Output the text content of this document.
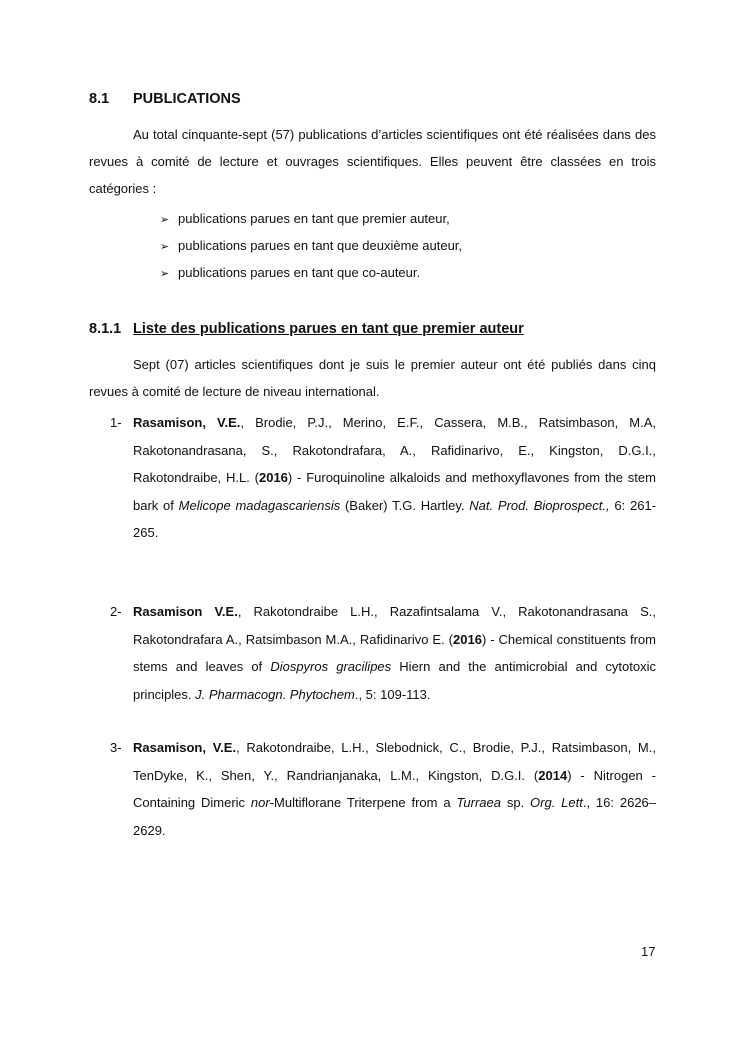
8.1 PUBLICATIONS
Au total cinquante-sept (57) publications d’articles scientifiques ont été réalisées dans des revues à comité de lecture et ouvrages scientifiques. Elles peuvent être classées en trois catégories :
➢ publications parues en tant que premier auteur,
➢ publications parues en tant que deuxième auteur,
➢ publications parues en tant que co-auteur.
8.1.1 Liste des publications parues en tant que premier auteur
Sept (07) articles scientifiques dont je suis le premier auteur ont été publiés dans cinq revues à comité de lecture de niveau international.
1- Rasamison, V.E., Brodie, P.J., Merino, E.F., Cassera, M.B., Ratsimbason, M.A, Rakotonandrasana, S., Rakotondrafara, A., Rafidinarivo, E., Kingston, D.G.I., Rakotondraibe, H.L. (2016) - Furoquinoline alkaloids and methoxyflavones from the stem bark of Melicope madagascariensis (Baker) T.G. Hartley. Nat. Prod. Bioprospect., 6: 261-265.
2- Rasamison V.E., Rakotondraibe L.H., Razafintsalama V., Rakotonandrasana S., Rakotondrafara A., Ratsimbason M.A., Rafidinarivo E. (2016) - Chemical constituents from stems and leaves of Diospyros gracilipes Hiern and the antimicrobial and cytotoxic principles. J. Pharmacogn. Phytochem., 5: 109-113.
3- Rasamison, V.E., Rakotondraibe, L.H., Slebodnick, C., Brodie, P.J., Ratsimbason, M., TenDyke, K., Shen, Y., Randrianjanaka, L.M., Kingston, D.G.I. (2014) - Nitrogen - Containing Dimeric nor-Multiflorane Triterpene from a Turraea sp. Org. Lett., 16: 2626–2629.
17
